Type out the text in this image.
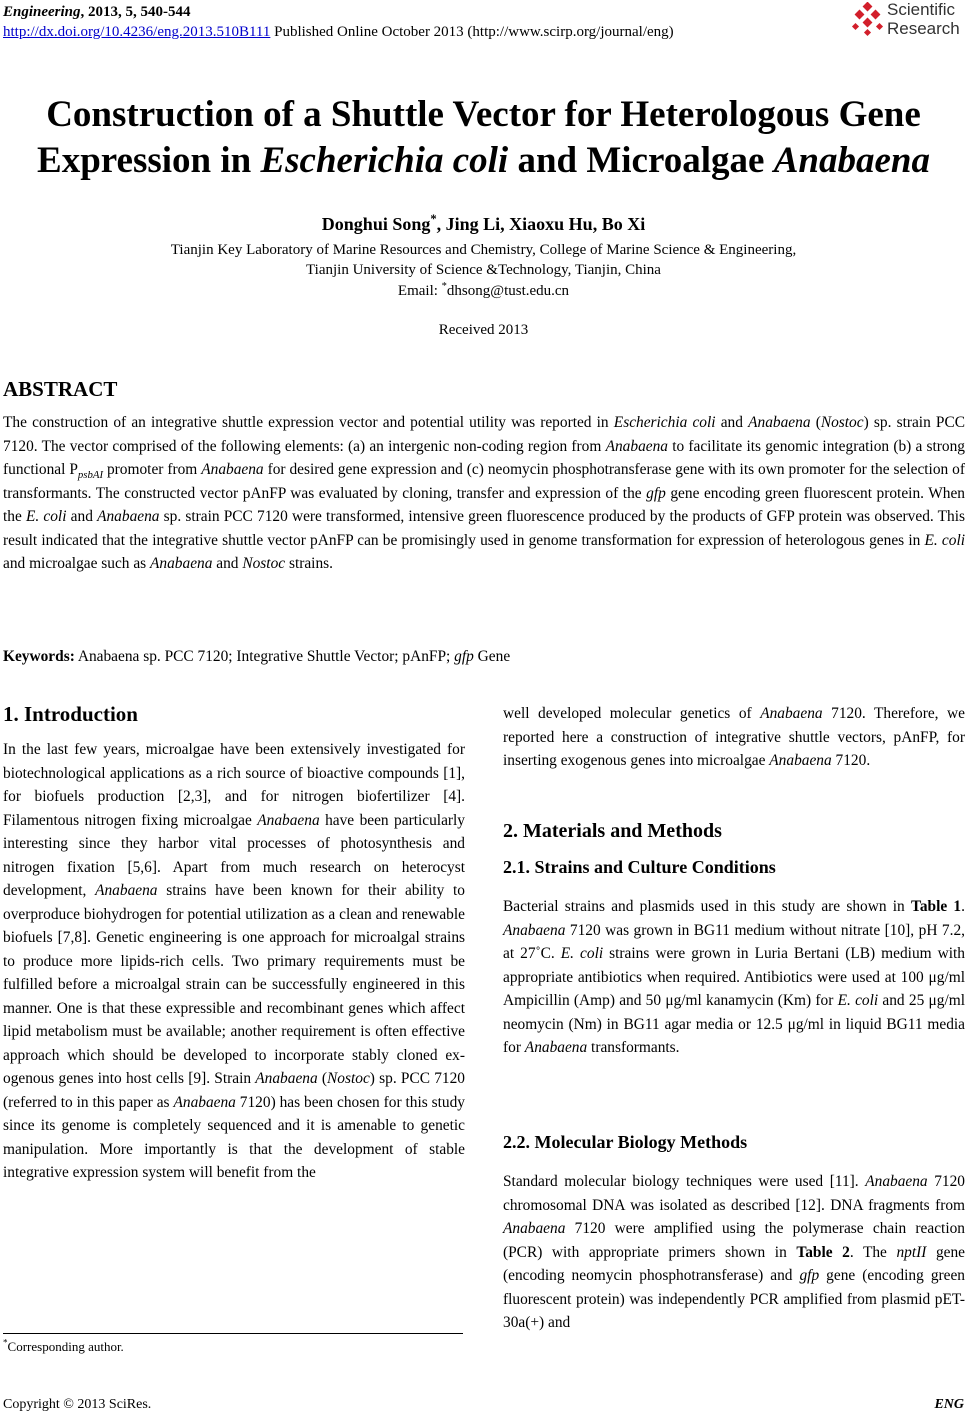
Engineering, 2013, 5, 540-544
http://dx.doi.org/10.4236/eng.2013.510B111 Published Online October 2013 (http://www.scirp.org/journal/eng)
Scientific
Research
Construction of a Shuttle Vector for Heterologous Gene
Expression in Escherichia coli and Microalgae Anabaena
Donghui Song*, Jing Li, Xiaoxu Hu, Bo Xi
Tianjin Key Laboratory of Marine Resources and Chemistry, College of Marine Science & Engineering,
Tianjin University of Science &Technology, Tianjin, China
Email: *dhsong@tust.edu.cn
Received 2013
ABSTRACT
The construction of an integrative shuttle expression vector and potential utility was reported in Escherichia coli and Anabaena (Nostoc) sp. strain PCC 7120. The vector comprised of the following elements: (a) an intergenic non-coding region from Anabaena to facilitate its genomic integration (b) a strong functional $P_{psbAI}$ promoter from Anabaena for desired gene expression and (c) neomycin phosphotransferase gene with its own promoter for the selection of transformants. The constructed vector pAnFP was evaluated by cloning, transfer and expression of the gfp gene encoding green fluorescent protein. When the E. coli and Anabaena sp. strain PCC 7120 were transformed, intensive green fluorescence produced by the products of GFP protein was observed. This result indicated that the integrative shuttle vector pAnFP can be promisingly used in genome transformation for expression of heterologous genes in E. coli and microalgae such as Anabaena and Nostoc strains.
Keywords: Anabaena sp. PCC 7120; Integrative Shuttle Vector; pAnFP; gfp Gene
1. Introduction
In the last few years, microalgae have been extensively investigated for biotechnological applications as a rich source of bioactive compounds [1], for biofuels production [2,3], and for nitrogen biofertilizer [4]. Filamentous nitrogen fixing microalgae Anabaena have been particularly interesting since they harbor vital processes of photosynthesis and nitrogen fixation [5,6]. Apart from much research on heterocyst development, Anabaena strains have been known for their ability to overproduce biohydrogen for potential utilization as a clean and renewable biofuels [7,8]. Genetic engineering is one approach for microalgal strains to produce more lipids-rich cells. Two primary requirements must be fulfilled before a microalgal strain can be successfully engineered in this manner. One is that these expressible and recombinant genes which affect lipid metabolism must be available; another requirement is often effective approach which should be developed to incorporate stably cloned exogenous genes into host cells [9]. Strain Anabaena (Nostoc) sp. PCC 7120 (referred to in this paper as Anabaena 7120) has been chosen for this study since its genome is completely sequenced and it is amenable to genetic manipulation. More importantly is that the development of stable integrative expression system will benefit from the
*Corresponding author.
well developed molecular genetics of Anabaena 7120. Therefore, we reported here a construction of integrative shuttle vectors, pAnFP, for inserting exogenous genes into microalgae Anabaena 7120.
2. Materials and Methods
2.1. Strains and Culture Conditions
Bacterial strains and plasmids used in this study are shown in Table 1. Anabaena 7120 was grown in BG11 medium without nitrate [10], pH 7.2, at 27˚C. E. coli strains were grown in Luria Bertani (LB) medium with appropriate antibiotics when required. Antibiotics were used at 100 μg/ml Ampicillin (Amp) and 50 μg/ml kanamycin (Km) for E. coli and 25 μg/ml neomycin (Nm) in BG11 agar media or 12.5 μg/ml in liquid BG11 media for Anabaena transformants.
2.2. Molecular Biology Methods
Standard molecular biology techniques were used [11]. Anabaena 7120 chromosomal DNA was isolated as described [12]. DNA fragments from Anabaena 7120 were amplified using the polymerase chain reaction (PCR) with appropriate primers shown in Table 2. The nptII gene (encoding neomycin phosphotransferase) and gfp gene (encoding green fluorescent protein) was independently PCR amplified from plasmid pET-30a(+) and
Copyright © 2013 SciRes.	ENG
